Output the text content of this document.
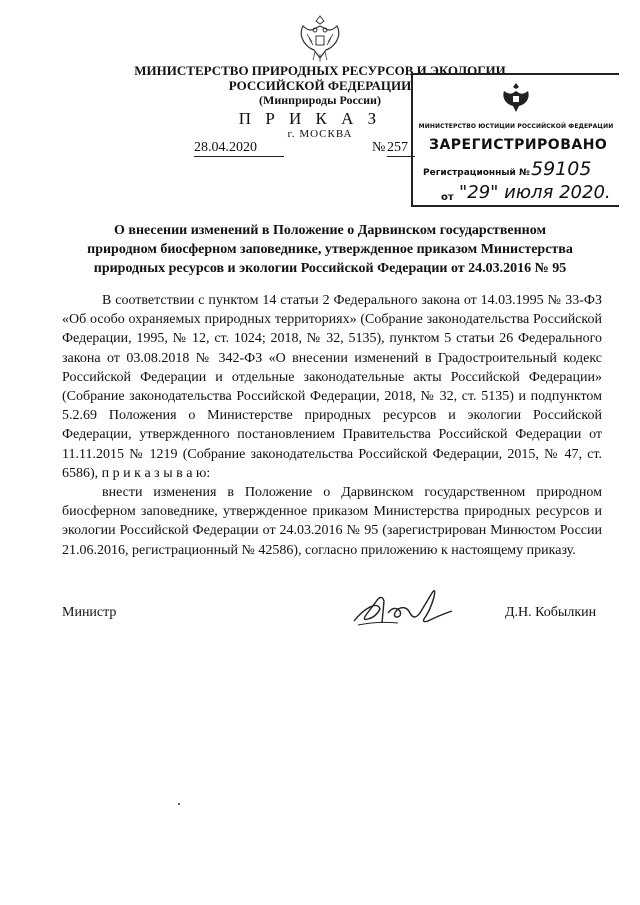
МИНИСТЕРСТВО ПРИРОДНЫХ РЕСУРСОВ И ЭКОЛОГИИ
РОССИЙСКОЙ ФЕДЕРАЦИИ
(Минприроды России)
П Р И К А З
г. МОСКВА
28.04.2020	№ 257
МИНИСТЕРСТВО ЮСТИЦИИ РОССИЙСКОЙ ФЕДЕРАЦИИ
ЗАРЕГИСТРИРОВАНО
Регистрационный № 59105
от "29" июля 2020.
О внесении изменений в Положение о Дарвинском государственном
природном биосферном заповеднике, утвержденное приказом Министерства
природных ресурсов и экологии Российской Федерации от 24.03.2016 № 95

В соответствии с пунктом 14 статьи 2 Федерального закона от 14.03.1995 № 33-ФЗ «Об особо охраняемых природных территориях» (Собрание законодательства Российской Федерации, 1995, № 12, ст. 1024; 2018, № 32, 5135), пунктом 5 статьи 26 Федерального закона от 03.08.2018 № 342-ФЗ «О внесении изменений в Градостроительный кодекс Российской Федерации и отдельные законодательные акты Российской Федерации» (Собрание законодательства Российской Федерации, 2018, № 32, ст. 5135) и подпунктом 5.2.69 Положения о Министерстве природных ресурсов и экологии Российской Федерации, утвержденного постановлением Правительства Российской Федерации от 11.11.2015 № 1219 (Собрание законодательства Российской Федерации, 2015, № 47, ст. 6586), п р и к а з ы в а ю:

внести изменения в Положение о Дарвинском государственном природном биосферном заповеднике, утвержденное приказом Министерства природных ресурсов и экологии Российской Федерации от 24.03.2016 № 95 (зарегистрирован Минюстом России 21.06.2016, регистрационный № 42586), согласно приложению к настоящему приказу.

Министр	Д.Н. Кобылкин
